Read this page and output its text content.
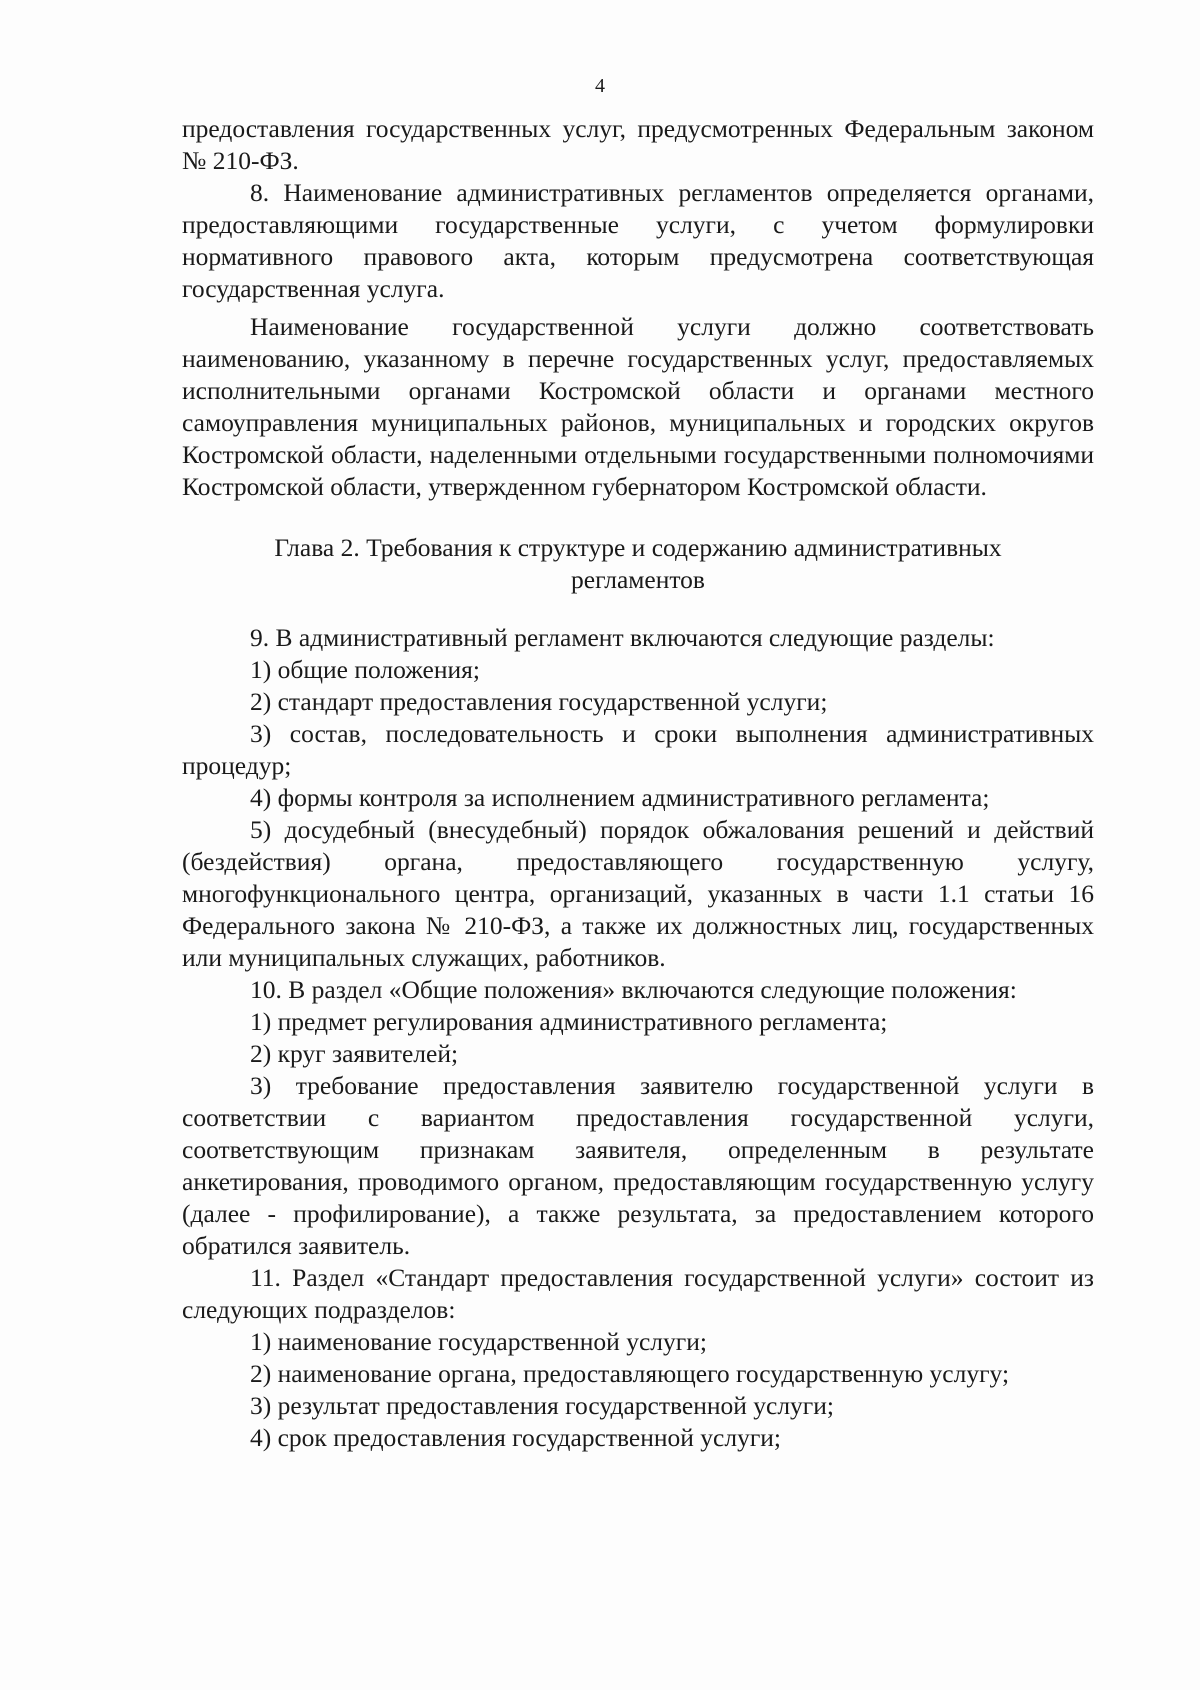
4

предоставления государственных услуг, предусмотренных Федеральным законом № 210-ФЗ.

8. Наименование административных регламентов определяется органами, предоставляющими государственные услуги, с учетом формулировки нормативного правового акта, которым предусмотрена соответствующая государственная услуга.

Наименование государственной услуги должно соответствовать наименованию, указанному в перечне государственных услуг, предоставляемых исполнительными органами Костромской области и органами местного самоуправления муниципальных районов, муниципальных и городских округов Костромской области, наделенными отдельными государственными полномочиями Костромской области, утвержденном губернатором Костромской области.

Глава 2. Требования к структуре и содержанию административных регламентов

9. В административный регламент включаются следующие разделы:

1) общие положения;

2) стандарт предоставления государственной услуги;

3) состав, последовательность и сроки выполнения административных процедур;

4) формы контроля за исполнением административного регламента;

5) досудебный (внесудебный) порядок обжалования решений и действий (бездействия) органа, предоставляющего государственную услугу, многофункционального центра, организаций, указанных в части 1.1 статьи 16 Федерального закона № 210-ФЗ, а также их должностных лиц, государственных или муниципальных служащих, работников.

10. В раздел «Общие положения» включаются следующие положения:

1) предмет регулирования административного регламента;

2) круг заявителей;

3) требование предоставления заявителю государственной услуги в соответствии с вариантом предоставления государственной услуги, соответствующим признакам заявителя, определенным в результате анкетирования, проводимого органом, предоставляющим государственную услугу (далее - профилирование), а также результата, за предоставлением которого обратился заявитель.

11. Раздел «Стандарт предоставления государственной услуги» состоит из следующих подразделов:

1) наименование государственной услуги;

2) наименование органа, предоставляющего государственную услугу;

3) результат предоставления государственной услуги;

4) срок предоставления государственной услуги;
